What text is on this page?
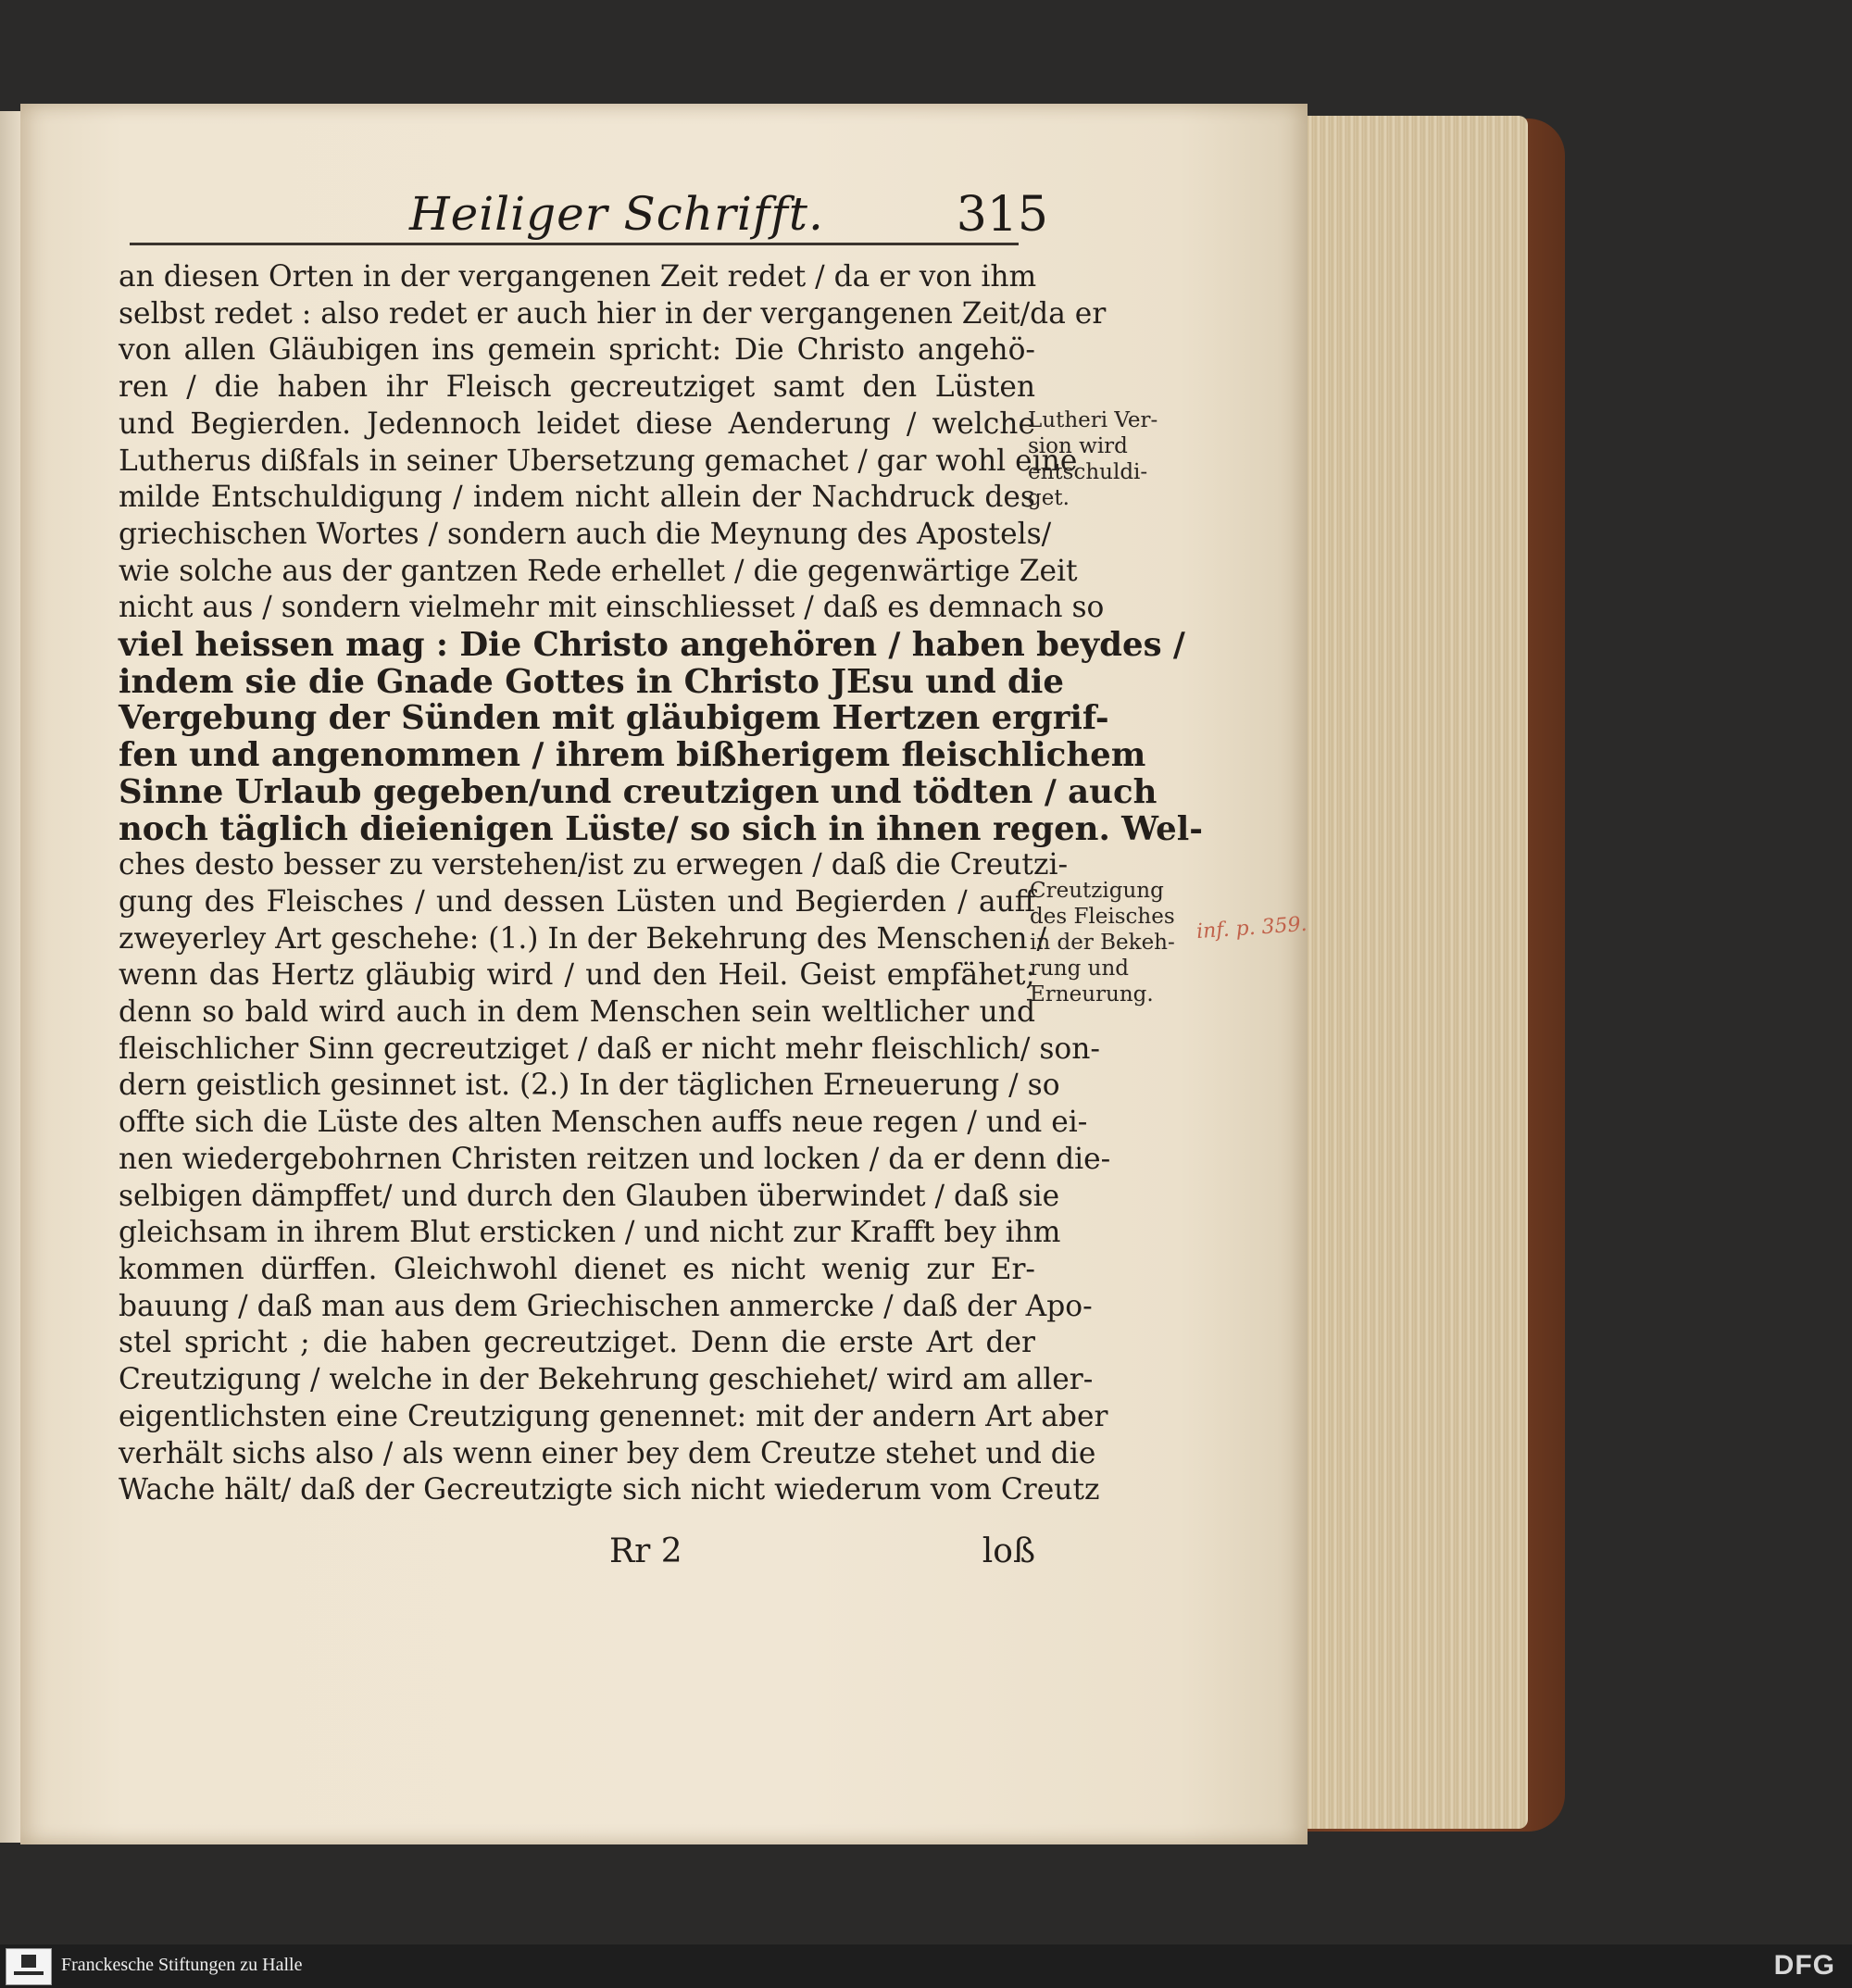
Heiliger Schrifft.	315
an diesen Orten in der vergangenen Zeit redet / da er von ihm
selbst redet : also redet er auch hier in der vergangenen Zeit/da er
von allen Gläubigen ins gemein spricht: Die Christo angehö-
ren / die haben ihr Fleisch gecreutziget samt den Lüsten
und Begierden. Jedennoch leidet diese Aenderung / welche
Lutherus dißfals in seiner Ubersetzung gemachet / gar wohl eine
milde Entschuldigung / indem nicht allein der Nachdruck des
griechischen Wortes / sondern auch die Meynung des Apostels/
wie solche aus der gantzen Rede erhellet / die gegenwärtige Zeit
nicht aus / sondern vielmehr mit einschliesset / daß es demnach so
viel heissen mag : Die Christo angehören / haben beydes /
indem sie die Gnade Gottes in Christo JEsu und die
Vergebung der Sünden mit gläubigem Hertzen ergrif-
fen und angenommen / ihrem bißherigem fleischlichem
Sinne Urlaub gegeben/und creutzigen und tödten / auch
noch täglich dieienigen Lüste/ so sich in ihnen regen. Wel-
ches desto besser zu verstehen/ist zu erwegen / daß die Creutzi-
gung des Fleisches / und dessen Lüsten und Begierden / auff
zweyerley Art geschehe: (1.) In der Bekehrung des Menschen /
wenn das Hertz gläubig wird / und den Heil. Geist empfähet;
denn so bald wird auch in dem Menschen sein weltlicher und
fleischlicher Sinn gecreutziget / daß er nicht mehr fleischlich/ son-
dern geistlich gesinnet ist. (2.) In der täglichen Erneuerung / so
offte sich die Lüste des alten Menschen auffs neue regen / und ei-
nen wiedergebohrnen Christen reitzen und locken / da er denn die-
selbigen dämpffet/ und durch den Glauben überwindet / daß sie
gleichsam in ihrem Blut ersticken / und nicht zur Krafft bey ihm
kommen dürffen. Gleichwohl dienet es nicht wenig zur Er-
bauung / daß man aus dem Griechischen anmercke / daß der Apo-
stel spricht ; die haben gecreutziget. Denn die erste Art der
Creutzigung / welche in der Bekehrung geschiehet/ wird am aller-
eigentlichsten eine Creutzigung genennet: mit der andern Art aber
verhält sichs also / als wenn einer bey dem Creutze stehet und die
Wache hält/ daß der Gecreutzigte sich nicht wiederum vom Creutz
Lutheri Ver-
sion wird
entschuldi-
get.
Creutzigung
des Fleisches
in der Bekeh-
rung und
Erneurung.
inf. p. 359.
Rr 2	loß
Franckesche Stiftungen zu Halle	DFG
